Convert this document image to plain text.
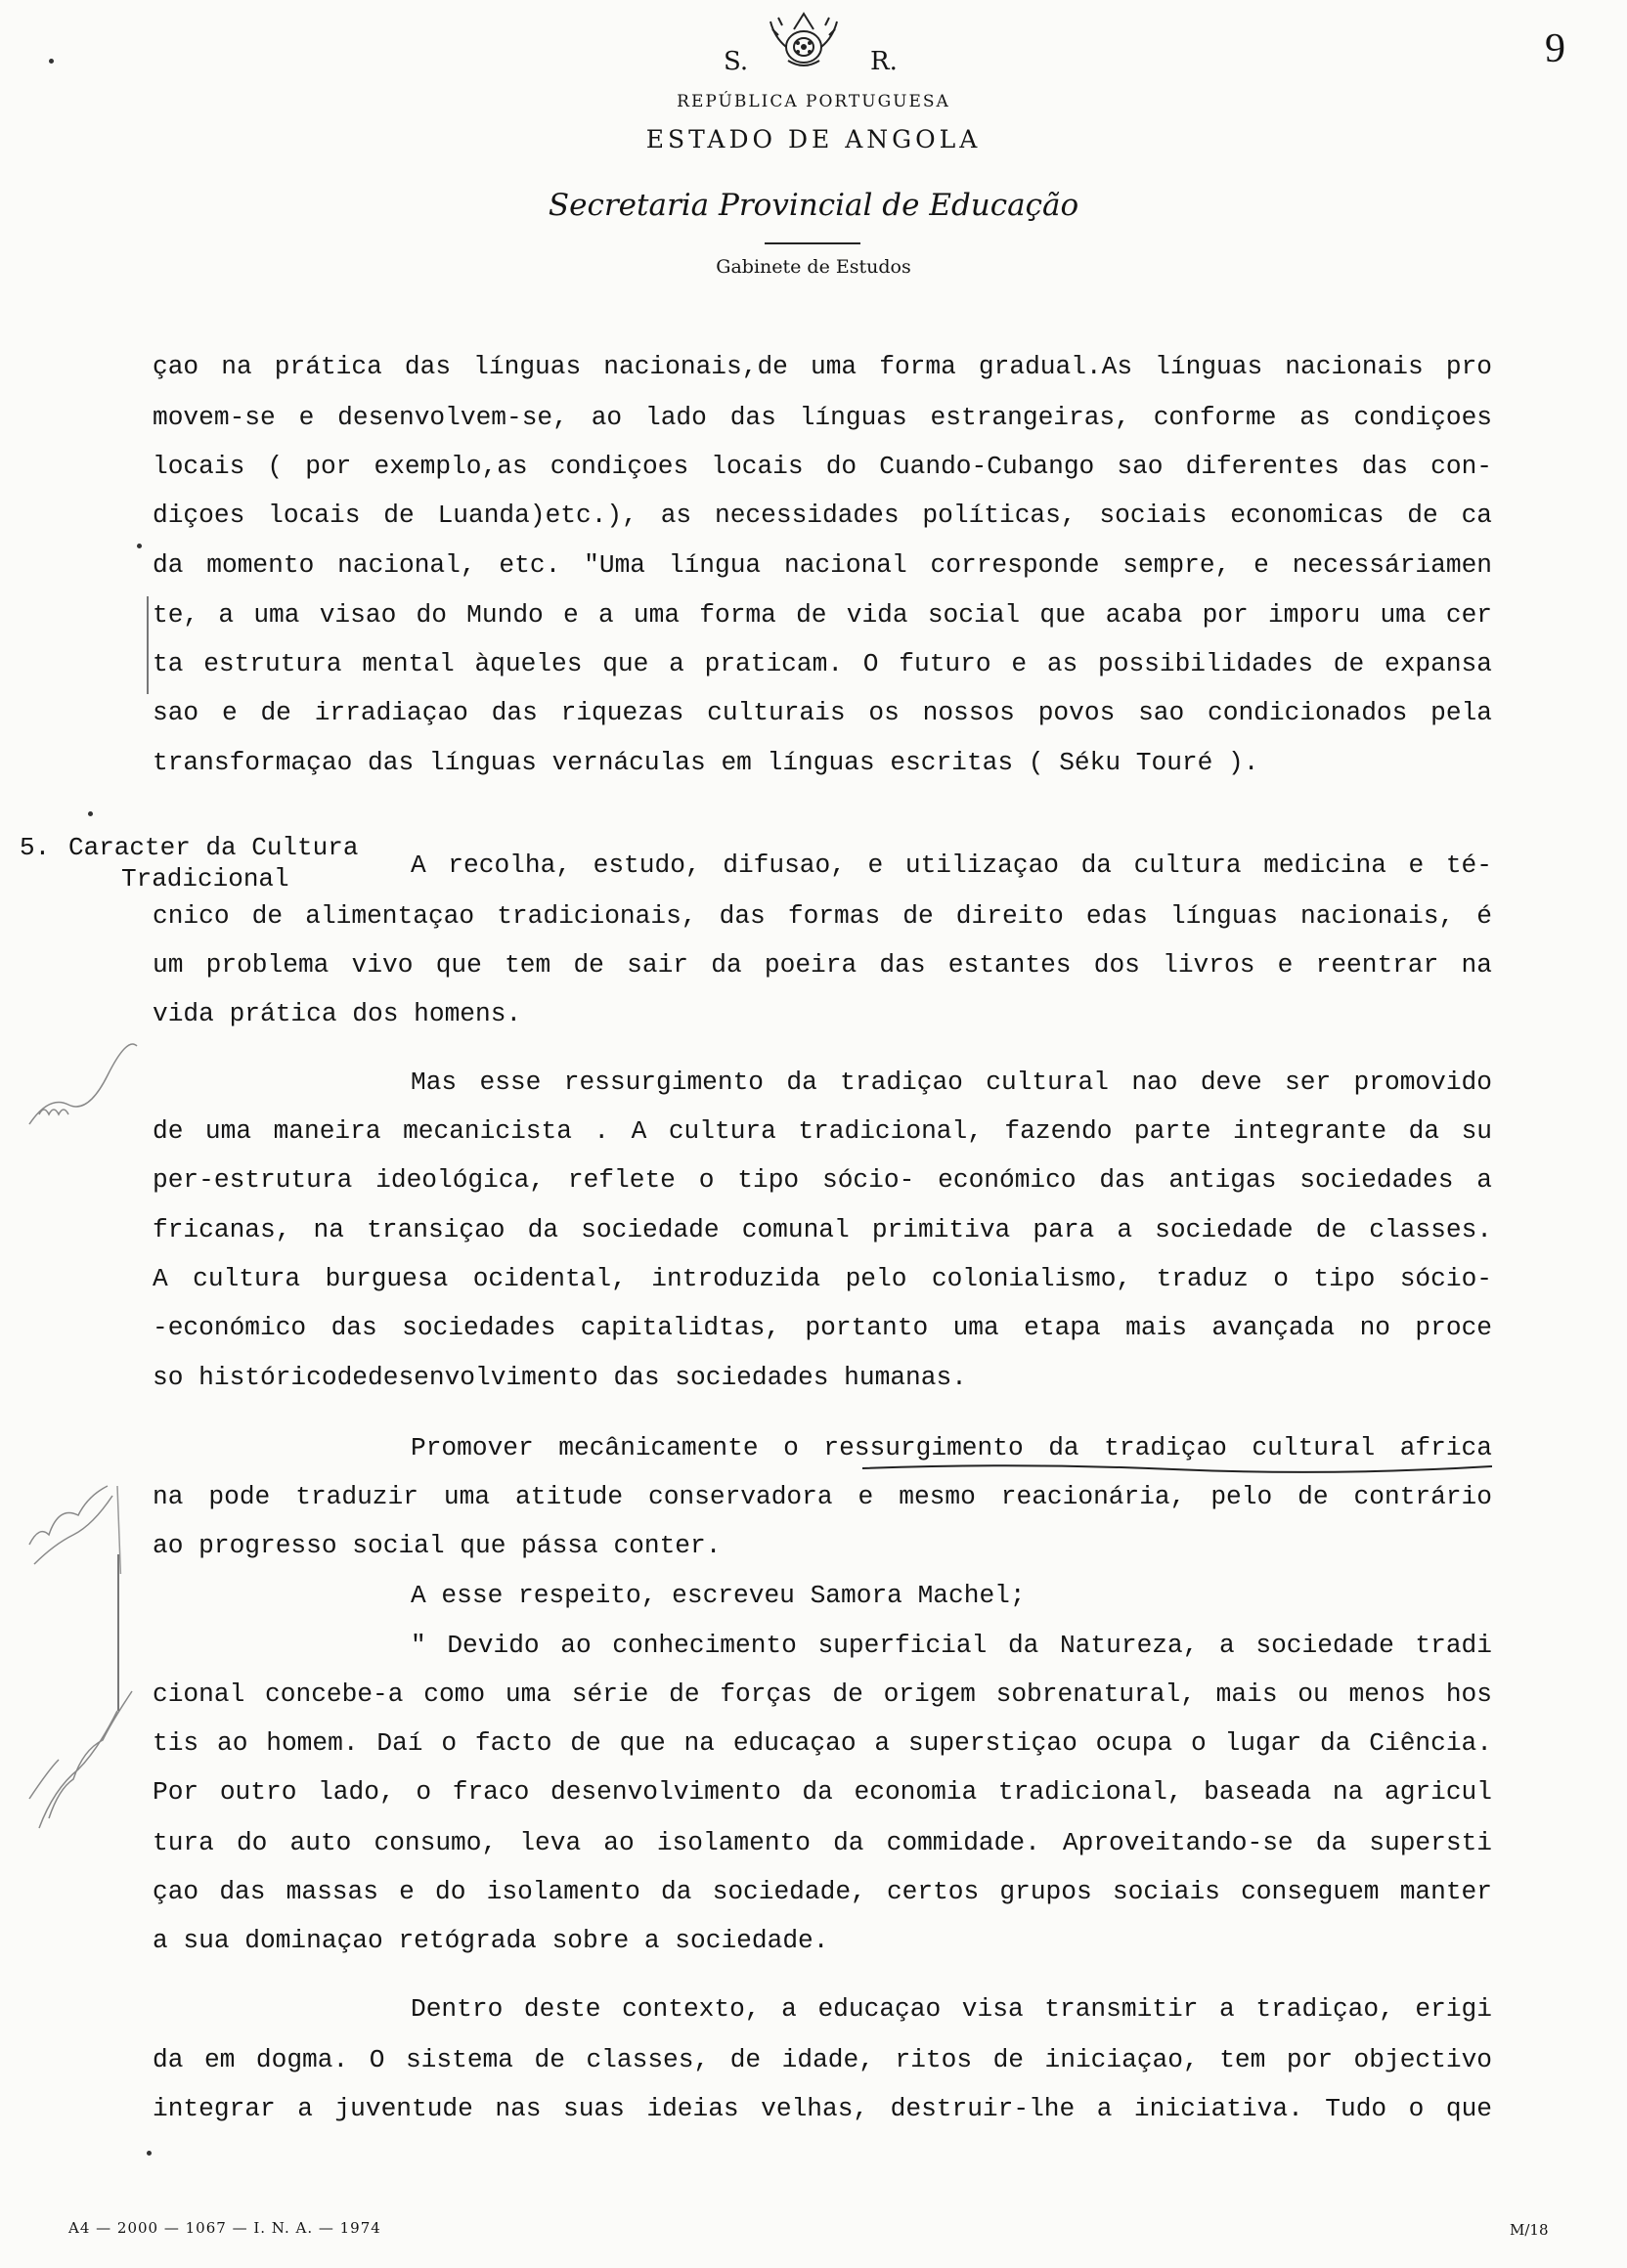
S.	R.
REPÚBLICA PORTUGUESA
ESTADO DE ANGOLA
Secretaria Provincial de Educação
Gabinete de Estudos
9
çao na prática das línguas nacionais,de uma forma gradual.As línguas nacionais pro
movem-se e desenvolvem-se, ao lado das línguas estrangeiras, conforme as condiçoes
locais ( por exemplo,as condiçoes locais do Cuando-Cubango sao diferentes das con-
diçoes locais de Luanda)etc.), as necessidades políticas, sociais economicas de ca
da momento nacional, etc. "Uma língua nacional corresponde sempre, e necessáriamen
te, a uma visao do Mundo e a uma forma de vida social que acaba por imporu uma cer
ta estrutura mental àqueles que a praticam. O futuro e as possibilidades de expansa
sao e de irradiaçao das riquezas culturais os nossos povos sao condicionados pela
transformaçao das línguas vernáculas em línguas escritas ( Séku Touré ).
5. Caracter da Cultura
Tradicional	A recolha, estudo, difusao, e utilizaçao da cultura medicina e té-
cnico de alimentaçao tradicionais, das formas de direito edas línguas nacionais, é
um problema vivo que tem de sair da poeira das estantes dos livros e reentrar na
vida prática dos homens.
Mas esse ressurgimento da tradiçao cultural nao deve ser promovido
de uma maneira mecanicista . A cultura tradicional, fazendo parte integrante da su
per-estrutura ideológica, reflete o tipo sócio- económico das antigas sociedades a
fricanas, na transiçao da sociedade comunal primitiva para a sociedade de classes.
A cultura burguesa ocidental, introduzida pelo colonialismo, traduz o tipo sócio-
-económico das sociedades capitalidtas, portanto uma etapa mais avançada no proce
so históricodedesenvolvimento das sociedades humanas.
Promover mecânicamente o ressurgimento da tradiçao cultural africa
na pode traduzir uma atitude conservadora e mesmo reacionária, pelo de contrário
ao progresso social que pássa conter.
A esse respeito, escreveu Samora Machel;
" Devido ao conhecimento superficial da Natureza, a sociedade tradi
cional concebe-a como uma série de forças de origem sobrenatural, mais ou menos hos
tis ao homem. Daí o facto de que na educaçao a superstiçao ocupa o lugar da Ciência.
Por outro lado, o fraco desenvolvimento da economia tradicional, baseada na agricul
tura do auto consumo, leva ao isolamento da commidade. Aproveitando-se da supersti
çao das massas e do isolamento da sociedade, certos grupos sociais conseguem manter
a sua dominaçao retógrada sobre a sociedade.
Dentro deste contexto, a educaçao visa transmitir a tradiçao, erigi
da em dogma. O sistema de classes, de idade, ritos de iniciaçao, tem por objectivo
integrar a juventude nas suas ideias velhas, destruir-lhe a iniciativa. Tudo o que
A4 — 2000 — 1067 — I. N. A. — 1974	M/18
